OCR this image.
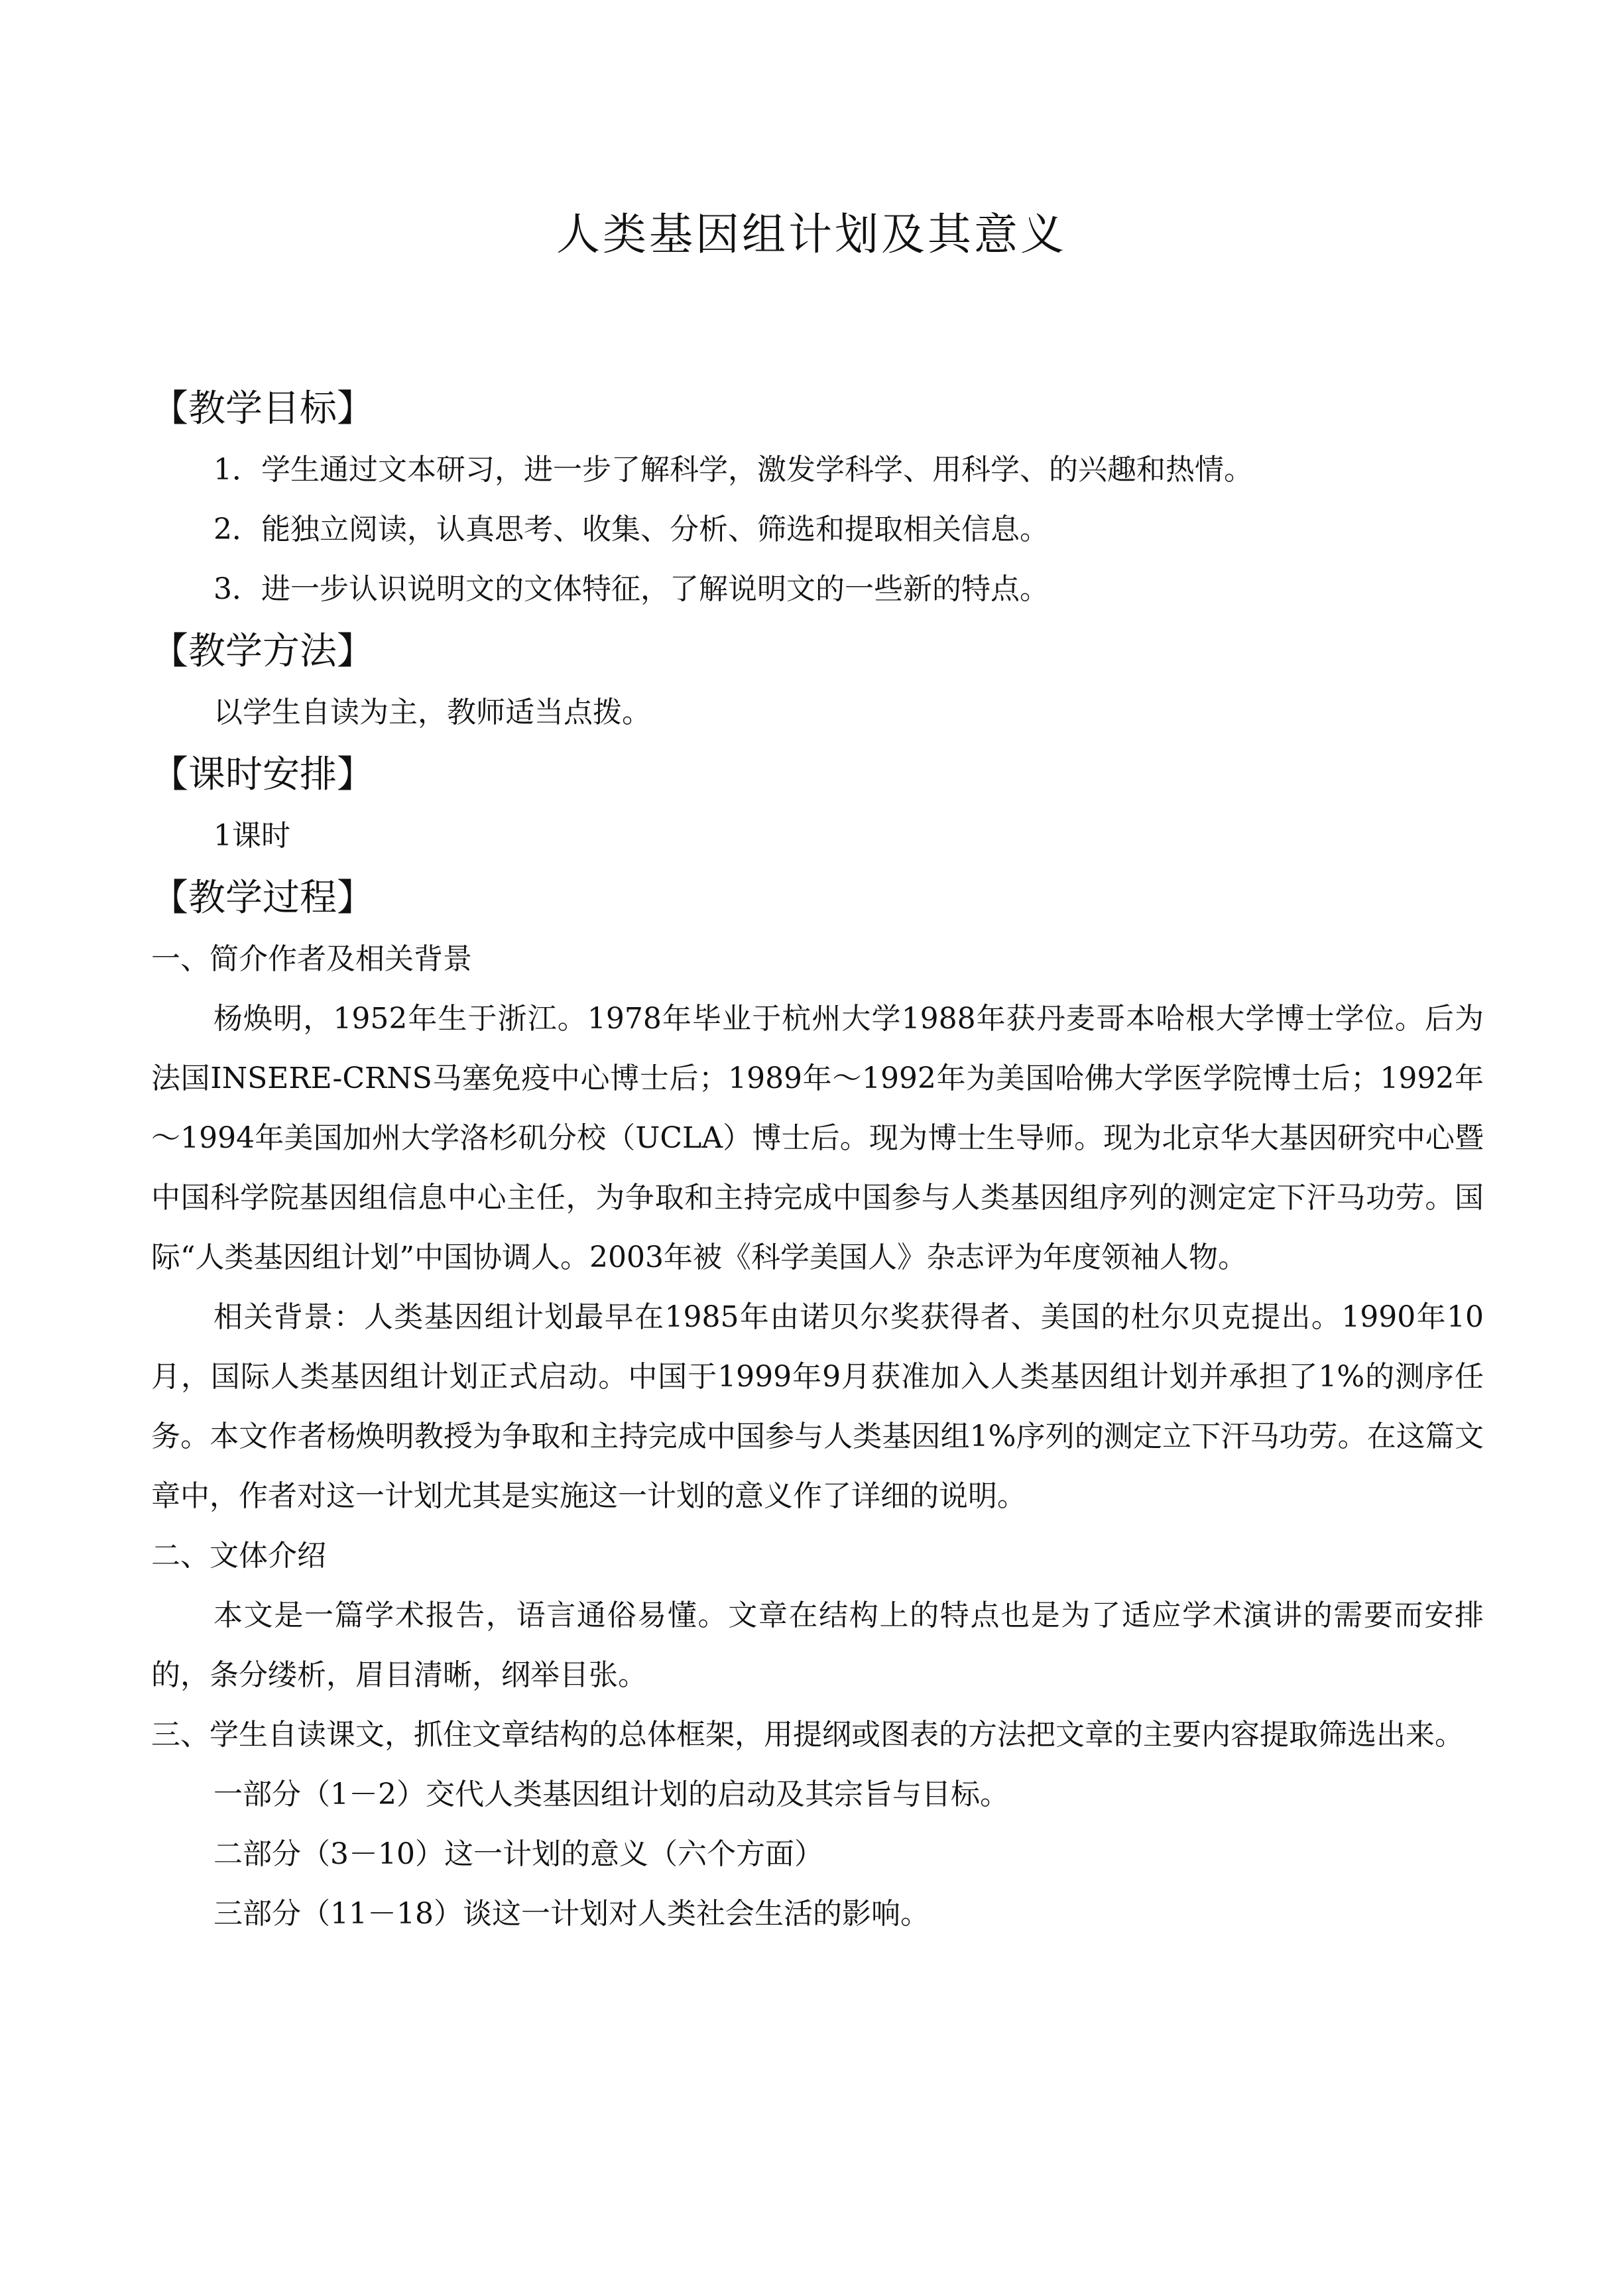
人类基因组计划及其意义
【教学目标】
1．学生通过文本研习，进一步了解科学，激发学科学、用科学、的兴趣和热情。
2．能独立阅读，认真思考、收集、分析、筛选和提取相关信息。
3．进一步认识说明文的文体特征，了解说明文的一些新的特点。
【教学方法】
以学生自读为主，教师适当点拨。
【课时安排】
1课时
【教学过程】
一、简介作者及相关背景
杨焕明，1952年生于浙江。1978年毕业于杭州大学1988年获丹麦哥本哈根大学博士学位。后为法国INSERE-CRNS马塞免疫中心博士后；1989年～1992年为美国哈佛大学医学院博士后；1992年～1994年美国加州大学洛杉矶分校（UCLA）博士后。现为博士生导师。现为北京华大基因研究中心暨中国科学院基因组信息中心主任，为争取和主持完成中国参与人类基因组序列的测定定下汗马功劳。国际“人类基因组计划”中国协调人。2003年被《科学美国人》杂志评为年度领袖人物。
相关背景：人类基因组计划最早在1985年由诺贝尔奖获得者、美国的杜尔贝克提出。1990年10月，国际人类基因组计划正式启动。中国于1999年9月获准加入人类基因组计划并承担了1%的测序任务。本文作者杨焕明教授为争取和主持完成中国参与人类基因组1%序列的测定立下汗马功劳。在这篇文章中，作者对这一计划尤其是实施这一计划的意义作了详细的说明。
二、文体介绍
本文是一篇学术报告，语言通俗易懂。文章在结构上的特点也是为了适应学术演讲的需要而安排的，条分缕析，眉目清晰，纲举目张。
三、学生自读课文，抓住文章结构的总体框架，用提纲或图表的方法把文章的主要内容提取筛选出来。
一部分（1－2）交代人类基因组计划的启动及其宗旨与目标。
二部分（3－10）这一计划的意义（六个方面）
三部分（11－18）谈这一计划对人类社会生活的影响。
